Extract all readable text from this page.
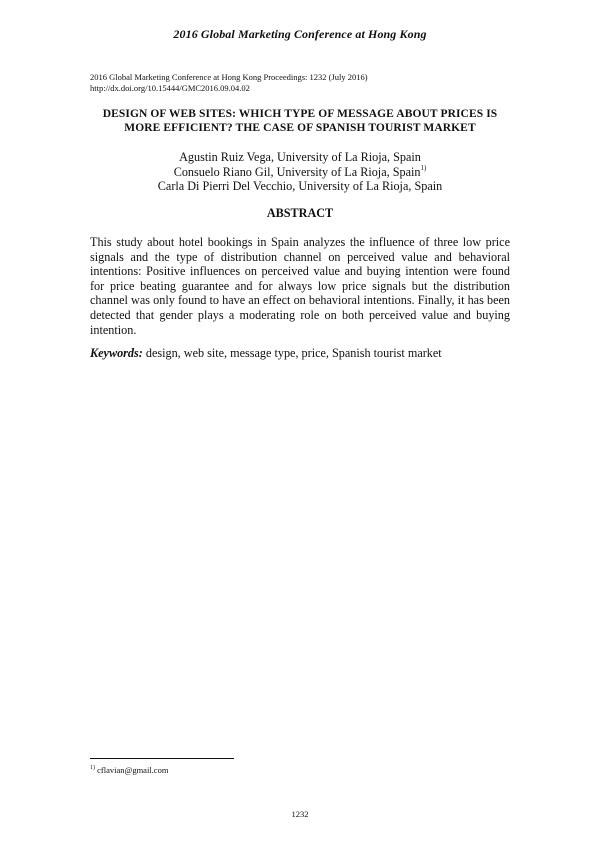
2016 Global Marketing Conference at Hong Kong
2016 Global Marketing Conference at Hong Kong Proceedings: 1232 (July 2016)
http://dx.doi.org/10.15444/GMC2016.09.04.02
DESIGN OF WEB SITES: WHICH TYPE OF MESSAGE ABOUT PRICES IS
MORE EFFICIENT? THE CASE OF SPANISH TOURIST MARKET
Agustin Ruiz Vega, University of La Rioja, Spain
Consuelo Riano Gil, University of La Rioja, Spain$^{1)}$
Carla Di Pierri Del Vecchio, University of La Rioja, Spain
ABSTRACT
This study about hotel bookings in Spain analyzes the influence of three low price signals and the type of distribution channel on perceived value and behavioral intentions: Positive influences on perceived value and buying intention were found for price beating guarantee and for always low price signals but the distribution channel was only found to have an effect on behavioral intentions. Finally, it has been detected that gender plays a moderating role on both perceived value and buying intention.
Keywords: design, web site, message type, price, Spanish tourist market
$^{1)}$ cflavian@gmail.com
1232
